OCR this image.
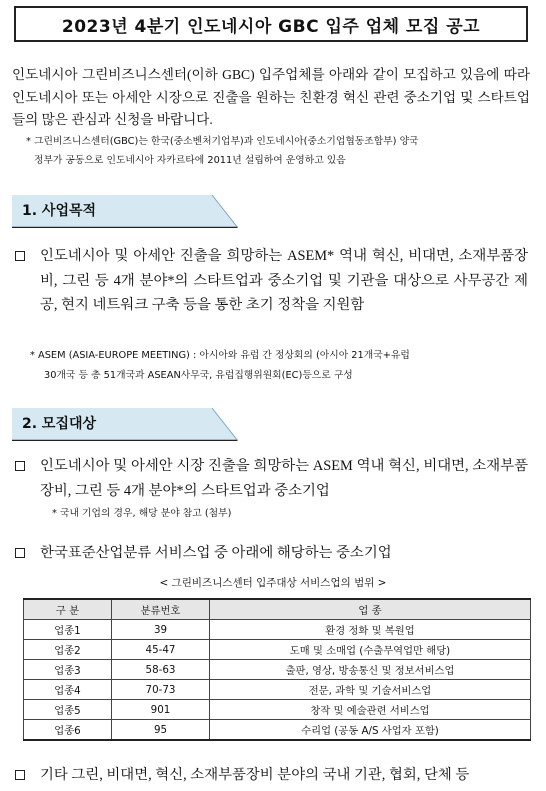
2023년 4분기 인도네시아 GBC 입주 업체 모집 공고
인도네시아 그린비즈니스센터(이하 GBC) 입주업체를 아래와 같이 모집하고 있음에 따라 인도네시아 또는 아세안 시장으로 진출을 원하는 친환경 혁신 관련 중소기업 및 스타트업들의 많은 관심과 신청을 바랍니다.
* 그린비즈니스센터(GBC)는 한국(중소벤처기업부)과 인도네시아(중소기업협동조합부) 양국
정부가 공동으로 인도네시아 자카르타에 2011년 설립하여 운영하고 있음
1. 사업목적
인도네시아 및 아세안 진출을 희망하는 ASEM* 역내 혁신, 비대면, 소재부품장비, 그린 등 4개 분야*의 스타트업과 중소기업 및 기관을 대상으로 사무공간 제공, 현지 네트워크 구축 등을 통한 초기 정착을 지원함
* ASEM (ASIA-EUROPE MEETING) : 아시아와 유럽 간 정상회의 (아시아 21개국+유럽
30개국 등 총 51개국과 ASEAN사무국, 유럽집행위원회(EC)등으로 구성
2. 모집대상
인도네시아 및 아세안 시장 진출을 희망하는 ASEM 역내 혁신, 비대면, 소재부품장비, 그린 등 4개 분야*의 스타트업과 중소기업
* 국내 기업의 경우, 해당 분야 참고 (첨부)
한국표준산업분류 서비스업 중 아래에 해당하는 중소기업
< 그린비즈니스센터 입주대상 서비스업의 범위 >
구 분	분류번호	업 종
업종1	39	환경 정화 및 복원업
업종2	45-47	도매 및 소매업 (수출무역업만 해당)
업종3	58-63	출판, 영상, 방송통신 및 정보서비스업
업종4	70-73	전문, 과학 및 기술서비스업
업종5	901	창작 및 예술관련 서비스업
업종6	95	수리업 (공동 A/S 사업자 포함)
기타 그린, 비대면, 혁신, 소재부품장비 분야의 국내 기관, 협회, 단체 등
